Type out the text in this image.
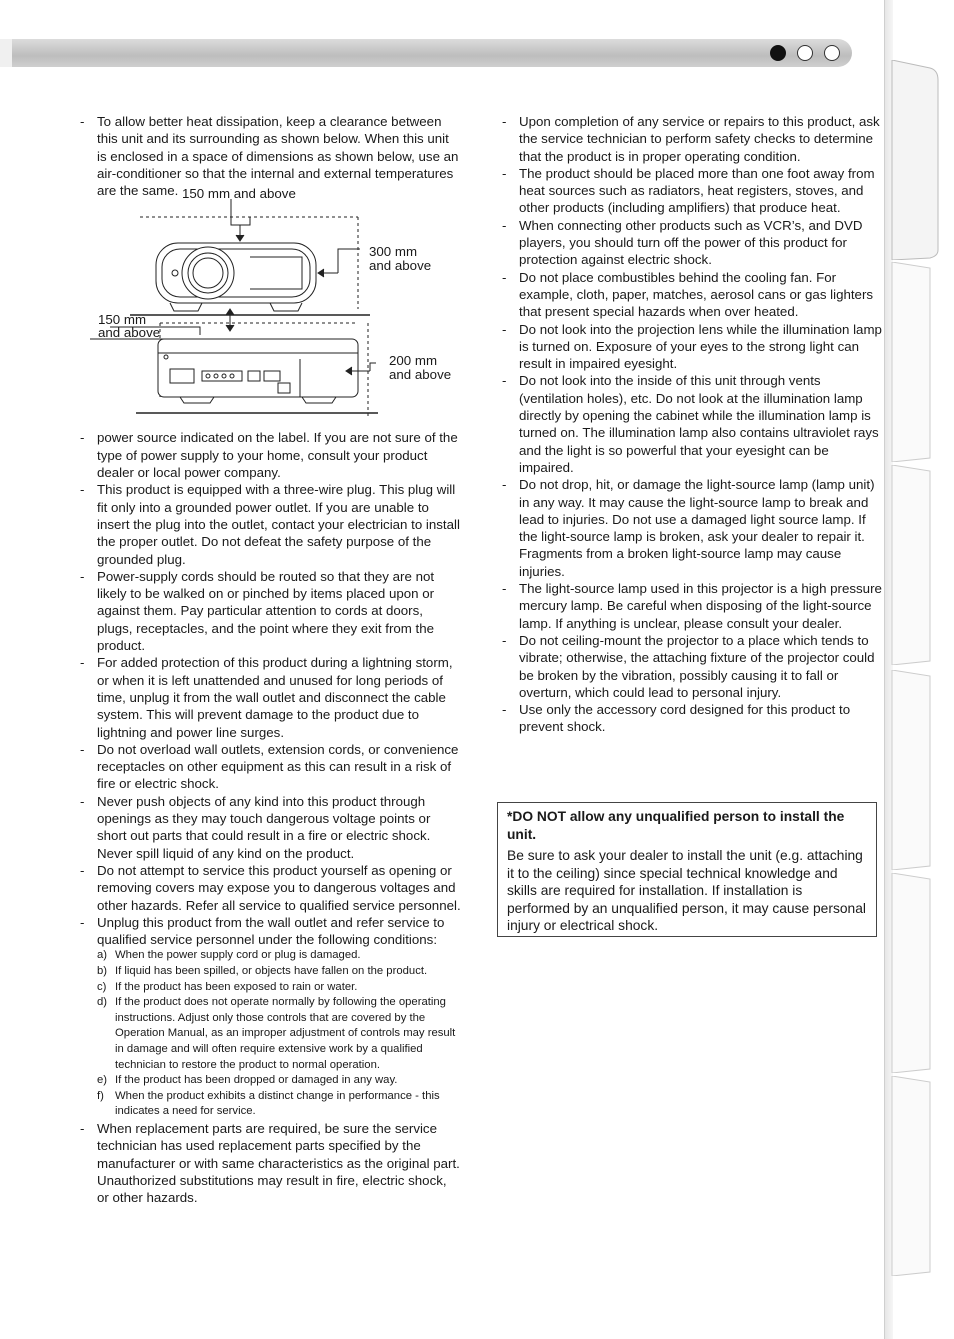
- To allow better heat dissipation, keep a clearance between this unit and its surrounding as shown below. When this unit is enclosed in a space of dimensions as shown below, use an air-conditioner so that the internal and external temperatures are the same. 150 mm and above
300 mm
and above
150 mm
and above
200 mm
and above
- power source indicated on the label. If you are not sure of the type of power supply to your home, consult your product dealer or local power company.

- This product is equipped with a three-wire plug. This plug will fit only into a grounded power outlet. If you are unable to insert the plug into the outlet, contact your electrician to install the proper outlet. Do not defeat the safety purpose of the grounded plug.

- Power-supply cords should be routed so that they are not likely to be walked on or pinched by items placed upon or against them. Pay particular attention to cords at doors, plugs, receptacles, and the point where they exit from the product.

- For added protection of this product during a lightning storm, or when it is left unattended and unused for long periods of time, unplug it from the wall outlet and disconnect the cable system. This will prevent damage to the product due to lightning and power line surges.

- Do not overload wall outlets, extension cords, or convenience receptacles on other equipment as this can result in a risk of fire or electric shock.

- Never push objects of any kind into this product through openings as they may touch dangerous voltage points or short out parts that could result in a fire or electric shock. Never spill liquid of any kind on the product.

- Do not attempt to service this product yourself as opening or removing covers may expose you to dangerous voltages and other hazards. Refer all service to qualified service personnel.

- Unplug this product from the wall outlet and refer service to qualified service personnel under the following conditions:

a) When the power supply cord or plug is damaged.
b) If liquid has been spilled, or objects have fallen on the product.
c) If the product has been exposed to rain or water.
d) If the product does not operate normally by following the operating instructions. Adjust only those controls that are covered by the Operation Manual, as an improper adjustment of controls may result in damage and will often require extensive work by a qualified technician to restore the product to normal operation.
e) If the product has been dropped or damaged in any way.
f) When the product exhibits a distinct change in performance - this indicates a need for service.
- When replacement parts are required, be sure the service technician has used replacement parts specified by the manufacturer or with same characteristics as the original part. Unauthorized substitutions may result in fire, electric shock, or other hazards.

- Upon completion of any service or repairs to this product, ask the service technician to perform safety checks to determine that the product is in proper operating condition.

- The product should be placed more than one foot away from heat sources such as radiators, heat registers, stoves, and other products (including amplifiers) that produce heat.

- When connecting other products such as VCR’s, and DVD players, you should turn off the power of this product for protection against electric shock.

- Do not place combustibles behind the cooling fan. For example, cloth, paper, matches, aerosol cans or gas lighters that present special hazards when over heated.

- Do not look into the projection lens while the illumination lamp is turned on. Exposure of your eyes to the strong light can result in impaired eyesight.

- Do not look into the inside of this unit through vents (ventilation holes), etc. Do not look at the illumination lamp directly by opening the cabinet while the illumination lamp is turned on. The illumination lamp also contains ultraviolet rays and the light is so powerful that your eyesight can be impaired.

- Do not drop, hit, or damage the light-source lamp (lamp unit) in any way. It may cause the light-source lamp to break and lead to injuries. Do not use a damaged light source lamp. If the light-source lamp is broken, ask your dealer to repair it. Fragments from a broken light-source lamp may cause injuries.

- The light-source lamp used in this projector is a high pressure mercury lamp. Be careful when disposing of the light-source lamp. If anything is unclear, please consult your dealer.

- Do not ceiling-mount the projector to a place which tends to vibrate; otherwise, the attaching fixture of the projector could be broken by the vibration, possibly causing it to fall or overturn, which could lead to personal injury.

- Use only the accessory cord designed for this product to prevent shock.

*DO NOT allow any unqualified person to install the unit.

Be sure to ask your dealer to install the unit (e.g. attaching it to the ceiling) since special technical knowledge and skills are required for installation. If installation is performed by an unqualified person, it may cause personal injury or electrical shock.
